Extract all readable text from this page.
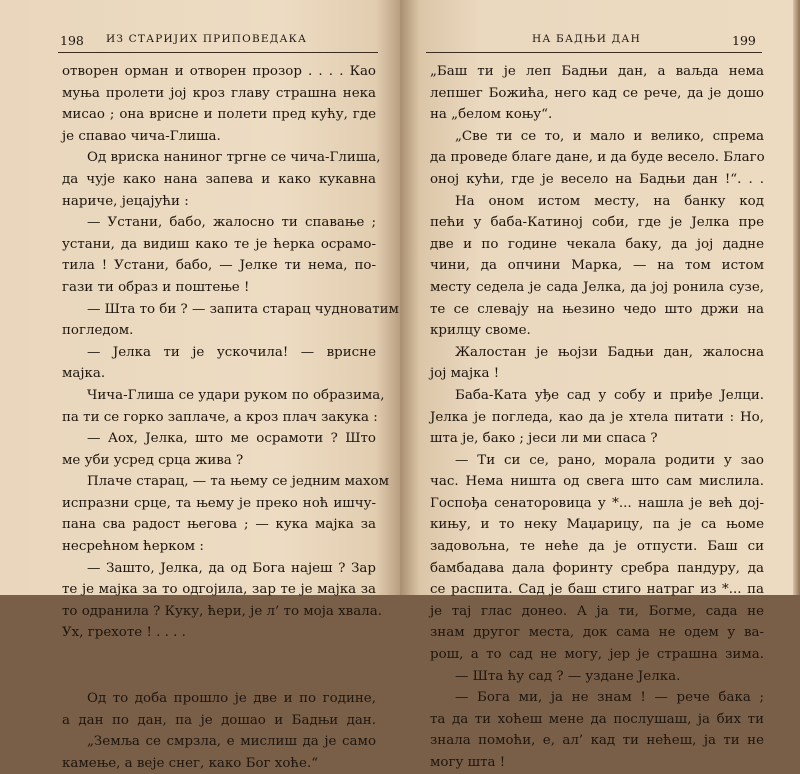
198 ИЗ СТАРИЈИХ ПРИПОВЕДАКА
отворен орман и отворен прозор . . . . Као
муња пролети јој кроз главу страшна нека
мисао ; она врисне и полети пред кућу, где
је спавао чича-Глиша.
Од вриска наниног тргне се чича-Глиша,
да чује како нана запева и како кукавна
нариче, јецајући :
— Устани, бабо, жалосно ти спавање ;
устани, да видиш како те је ћерка осрамо-
тила ! Устани, бабо, — Јелке ти нема, по-
гази ти образ и поштење !
— Шта то би ? — запита старац чудноватим
погледом.
— Јелка ти је ускочила! — врисне
мајка.
Чича-Глиша се удари руком по образима,
па ти се горко заплаче, а кроз плач закука :
— Аох, Јелка, што ме осрамоти ? Што
ме уби усред срца жива ?
Плаче старац, — та њему се једним махом
испразни срце, та њему је преко ноћ ишчу-
пана сва радост његова ; — кука мајка за
несрећном ћерком :
— Зашто, Јелка, да од Бога најеш ? Зар
те је мајка за то одгојила, зар те је мајка за
то одранила ? Куку, ћери, је л’ то моја хвала.
Ух, грехоте ! . . . .
Од то доба прошло је две и по године,
а дан по дан, па је дошао и Бадњи дан.
„Земља се смрзла, е мислиш да је само
камење, а веје снег, како Бог хоће.“
НА БАДЊИ ДАН	199
„Баш ти је леп Бадњи дан, а ваљда нема
лепшег Божића, него кад се рече, да је дошо
на „белом коњу“.
„Све ти се то, и мало и велико, спрема
да проведе благе дане, и да буде весело. Благо
оној кући, где је весело на Бадњи дан !“. . .
На оном истом месту, на банку код
пећи у баба-Катиној соби, где је Јелка пре
две и по године чекала баку, да јој дадне
чини, да опчини Марка, — на том истом
месту седела је сада Јелка, да јој ронила сузе,
те се слевају на њезино чедо што држи на
крилцу своме.
Жалостан је њојзи Бадњи дан, жалосна
јој мајка !
Баба-Ката уђе сад у собу и приђе Јелци.
Јелка је погледа, као да је хтела питати : Но,
шта је, бако ; јеси ли ми спаса ?
— Ти си се, рано, морала родити у зао
час. Нема ништа од свега што сам мислила.
Госпођа сенаторовица у *... нашла је већ дој-
кињу, и то неку Маџарицу, па је са њоме
задовољна, те неће да је отпусти. Баш си
бамбадава дала форинту сребра пандуру, да
се распита. Сад је баш стиго натраг из *... па
је тај глас донео. А ја ти, Богме, сада не
знам другог места, док сама не одем у ва-
рош, а то сад не могу, јер је страшна зима.
— Шта ћу сад ? — уздане Јелка.
— Бога ми, ја не знам ! — рече бака ;
та да ти хоћеш мене да послушаш, ја бих ти
знала помоћи, е, ал’ кад ти нећеш, ја ти не
могу шта !
